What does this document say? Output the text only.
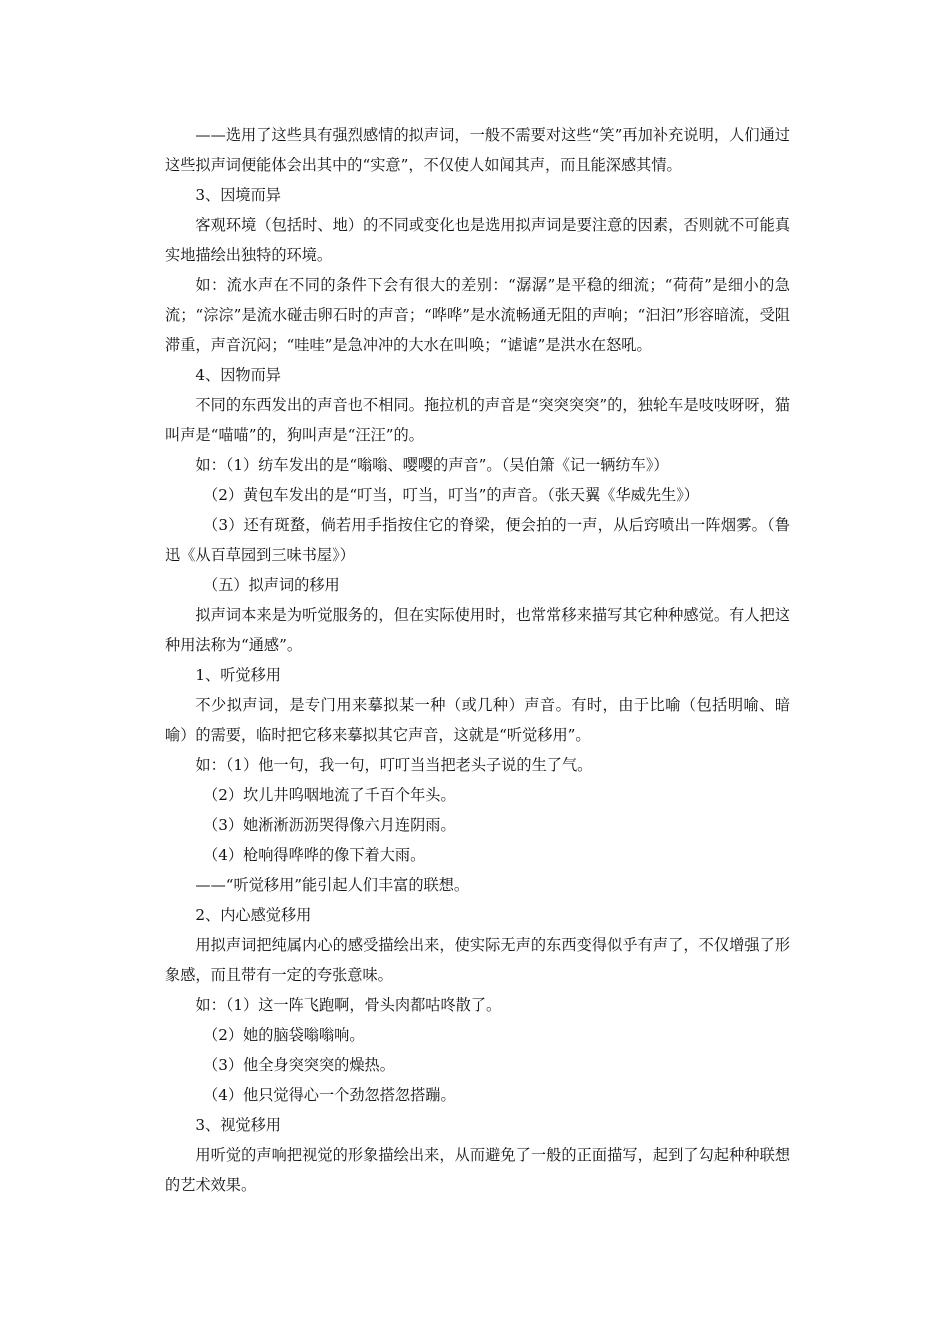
——选用了这些具有强烈感情的拟声词，一般不需要对这些“笑”再加补充说明，人们通过这些拟声词便能体会出其中的“实意”，不仅使人如闻其声，而且能深感其情。

3、因境而异

客观环境（包括时、地）的不同或变化也是选用拟声词是要注意的因素，否则就不可能真实地描绘出独特的环境。

如：流水声在不同的条件下会有很大的差别：“潺潺”是平稳的细流；“荷荷”是细小的急流；“淙淙”是流水碰击卵石时的声音；“哗哗”是水流畅通无阻的声响；“汩汩”形容暗流，受阻滞重，声音沉闷；“哇哇”是急冲冲的大水在叫唤；“谑谑”是洪水在怒吼。

4、因物而异

不同的东西发出的声音也不相同。拖拉机的声音是“突突突突”的，独轮车是吱吱呀呀，猫叫声是“喵喵”的，狗叫声是“汪汪”的。

如：（1）纺车发出的是“嗡嗡、嘤嘤的声音”。（吴伯箫《记一辆纺车》）

（2）黄包车发出的是“叮当，叮当，叮当”的声音。（张天翼《华威先生》）

（3）还有斑蝥，倘若用手指按住它的脊梁，便会拍的一声，从后窍喷出一阵烟雾。（鲁迅《从百草园到三味书屋》）

（五）拟声词的移用

拟声词本来是为听觉服务的，但在实际使用时，也常常移来描写其它种种感觉。有人把这种用法称为“通感”。

1、听觉移用

不少拟声词，是专门用来摹拟某一种（或几种）声音。有时，由于比喻（包括明喻、暗喻）的需要，临时把它移来摹拟其它声音，这就是“听觉移用”。

如：（1）他一句，我一句，叮叮当当把老头子说的生了气。

（2）坎儿井呜咽地流了千百个年头。

（3）她淅淅沥沥哭得像六月连阴雨。

（4）枪响得哗哗的像下着大雨。

——“听觉移用”能引起人们丰富的联想。

2、内心感觉移用

用拟声词把纯属内心的感受描绘出来，使实际无声的东西变得似乎有声了，不仅增强了形象感，而且带有一定的夸张意味。

如：（1）这一阵飞跑啊，骨头肉都咕咚散了。

（2）她的脑袋嗡嗡响。

（3）他全身突突突的燥热。

（4）他只觉得心一个劲忽搭忽搭蹦。

3、视觉移用

用听觉的声响把视觉的形象描绘出来，从而避免了一般的正面描写，起到了勾起种种联想的艺术效果。
